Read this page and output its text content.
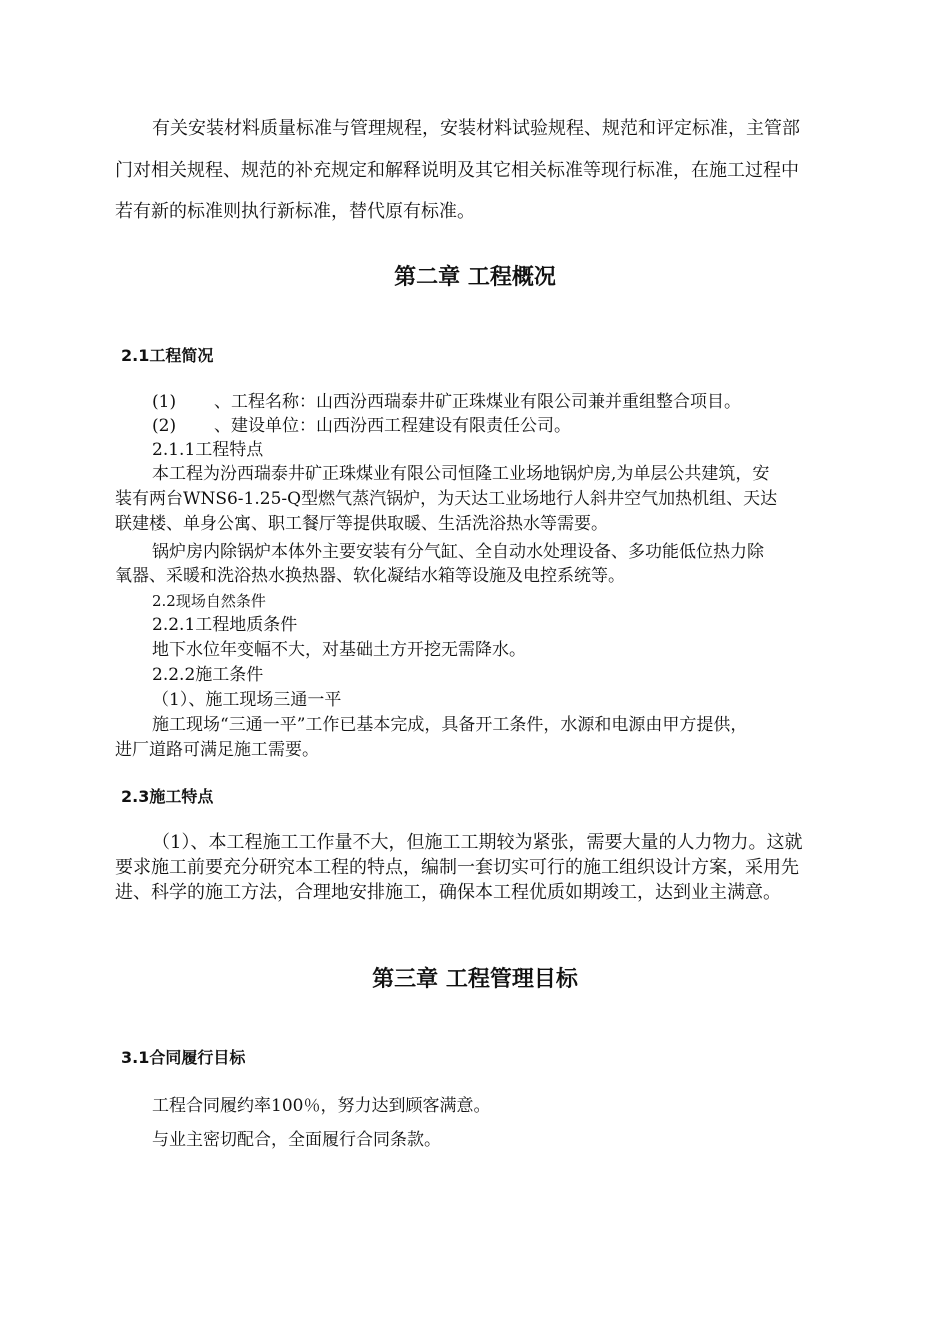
有关安装材料质量标准与管理规程，安装材料试验规程、规范和评定标准，主管部
门对相关规程、规范的补充规定和解释说明及其它相关标准等现行标准，在施工过程中
若有新的标准则执行新标准，替代原有标准。
第二章 工程概况
2.1工程简况
(1) 、工程名称：山西汾西瑞泰井矿正珠煤业有限公司兼并重组整合项目。
(2) 、建设单位：山西汾西工程建设有限责任公司。
2.1.1工程特点
本工程为汾西瑞泰井矿正珠煤业有限公司恒隆工业场地锅炉房,为单层公共建筑，安
装有两台WNS6-1.25-Q型燃气蒸汽锅炉，为天达工业场地行人斜井空气加热机组、天达
联建楼、单身公寓、职工餐厅等提供取暖、生活洗浴热水等需要。
锅炉房内除锅炉本体外主要安装有分气缸、全自动水处理设备、多功能低位热力除
氧器、采暖和洗浴热水换热器、软化凝结水箱等设施及电控系统等。
2.2现场自然条件
2.2.1工程地质条件
地下水位年变幅不大，对基础土方开挖无需降水。
2.2.2施工条件
（1）、施工现场三通一平
施工现场“三通一平”工作已基本完成，具备开工条件，水源和电源由甲方提供，
进厂道路可满足施工需要。
2.3施工特点
（1）、本工程施工工作量不大，但施工工期较为紧张，需要大量的人力物力。这就
要求施工前要充分研究本工程的特点，编制一套切实可行的施工组织设计方案，采用先
进、科学的施工方法，合理地安排施工，确保本工程优质如期竣工，达到业主满意。
第三章 工程管理目标
3.1合同履行目标
工程合同履约率100％，努力达到顾客满意。
与业主密切配合，全面履行合同条款。
